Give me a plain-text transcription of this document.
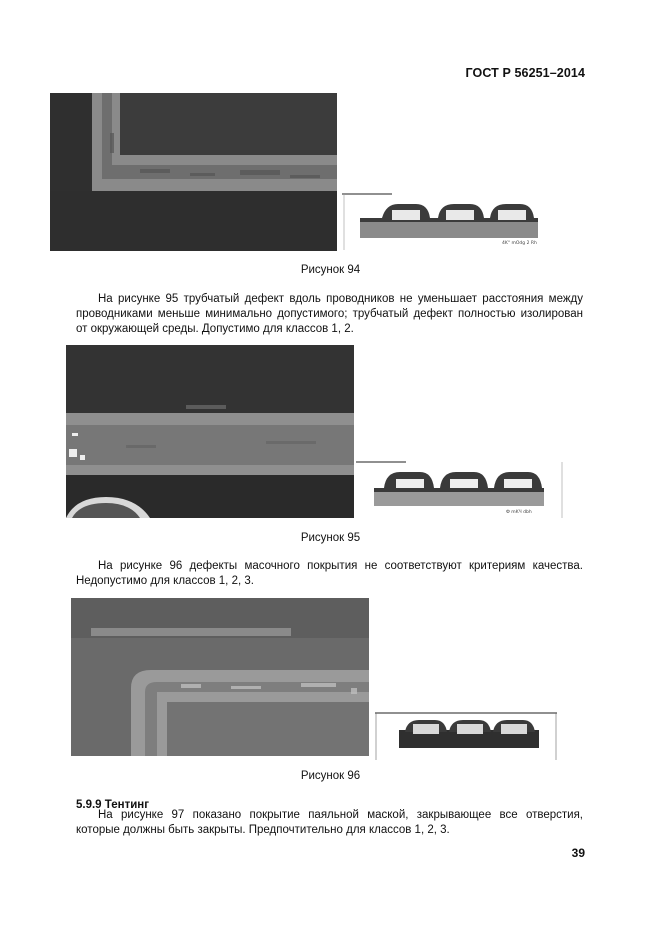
ГОСТ Р 56251–2014
4K° mOdg 2 Rh
Рисунок 94

На рисунке 95 трубчатый дефект вдоль проводников не уменьшает расстояния между проводниками меньше минимально допустимого; трубчатый дефект полностью изолирован от окружающей среды. Допустимо для классов 1, 2.

Ф mKЧ dbh
Рисунок 95

На рисунке 96 дефекты масочного покрытия не соответствуют критериям качества. Недопустимо для классов 1, 2, 3.

Рисунок 96
5.9.9 Тентинг

На рисунке 97 показано покрытие паяльной маской, закрывающее все отверстия, которые должны быть закрыты. Предпочтительно для классов 1, 2, 3.

39
